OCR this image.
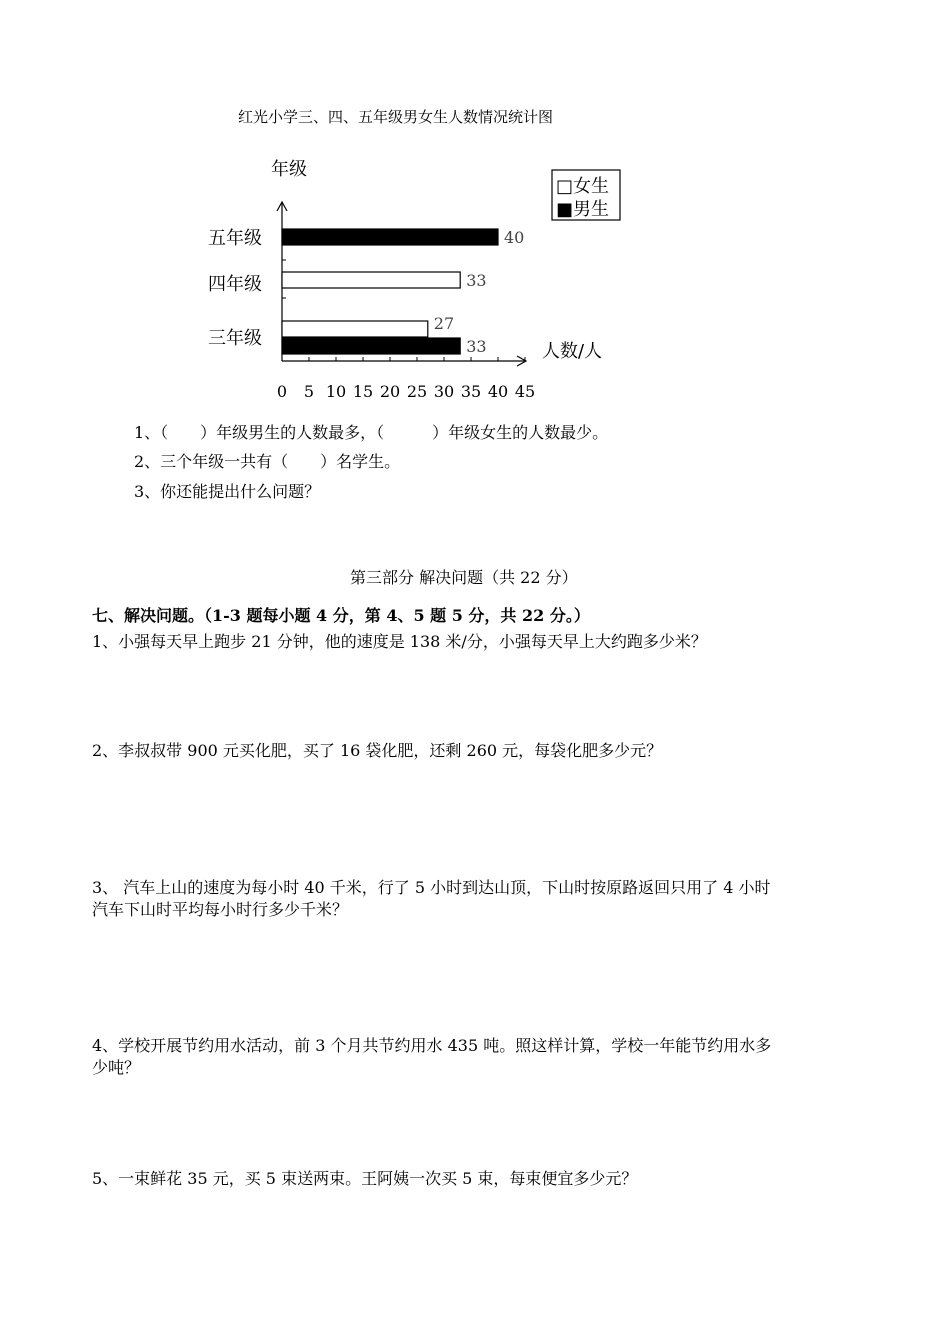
红光小学三、四、五年级男女生人数情况统计图
年级
人数/人
0 5 10 15 20 25 30 35 40 45
五年级
四年级
三年级
40
33
27
33
□女生
■男生
1、（　　）年级男生的人数最多，（　　　）年级女生的人数最少。
2、三个年级一共有（　　）名学生。
3、你还能提出什么问题？
第三部分 解决问题（共 22 分）
七、解决问题。（1-3 题每小题 4 分，第 4、5 题 5 分，共 22 分。）
1、小强每天早上跑步 21 分钟，他的速度是 138 米/分，小强每天早上大约跑多少米？
2、李叔叔带 900 元买化肥，买了 16 袋化肥，还剩 260 元，每袋化肥多少元？
3、 汽车上山的速度为每小时 40 千米，行了 5 小时到达山顶，下山时按原路返回只用了 4 小时
汽车下山时平均每小时行多少千米？
4、学校开展节约用水活动，前 3 个月共节约用水 435 吨。照这样计算，学校一年能节约用水多
少吨？
5、一束鲜花 35 元，买 5 束送两束。王阿姨一次买 5 束，每束便宜多少元？
